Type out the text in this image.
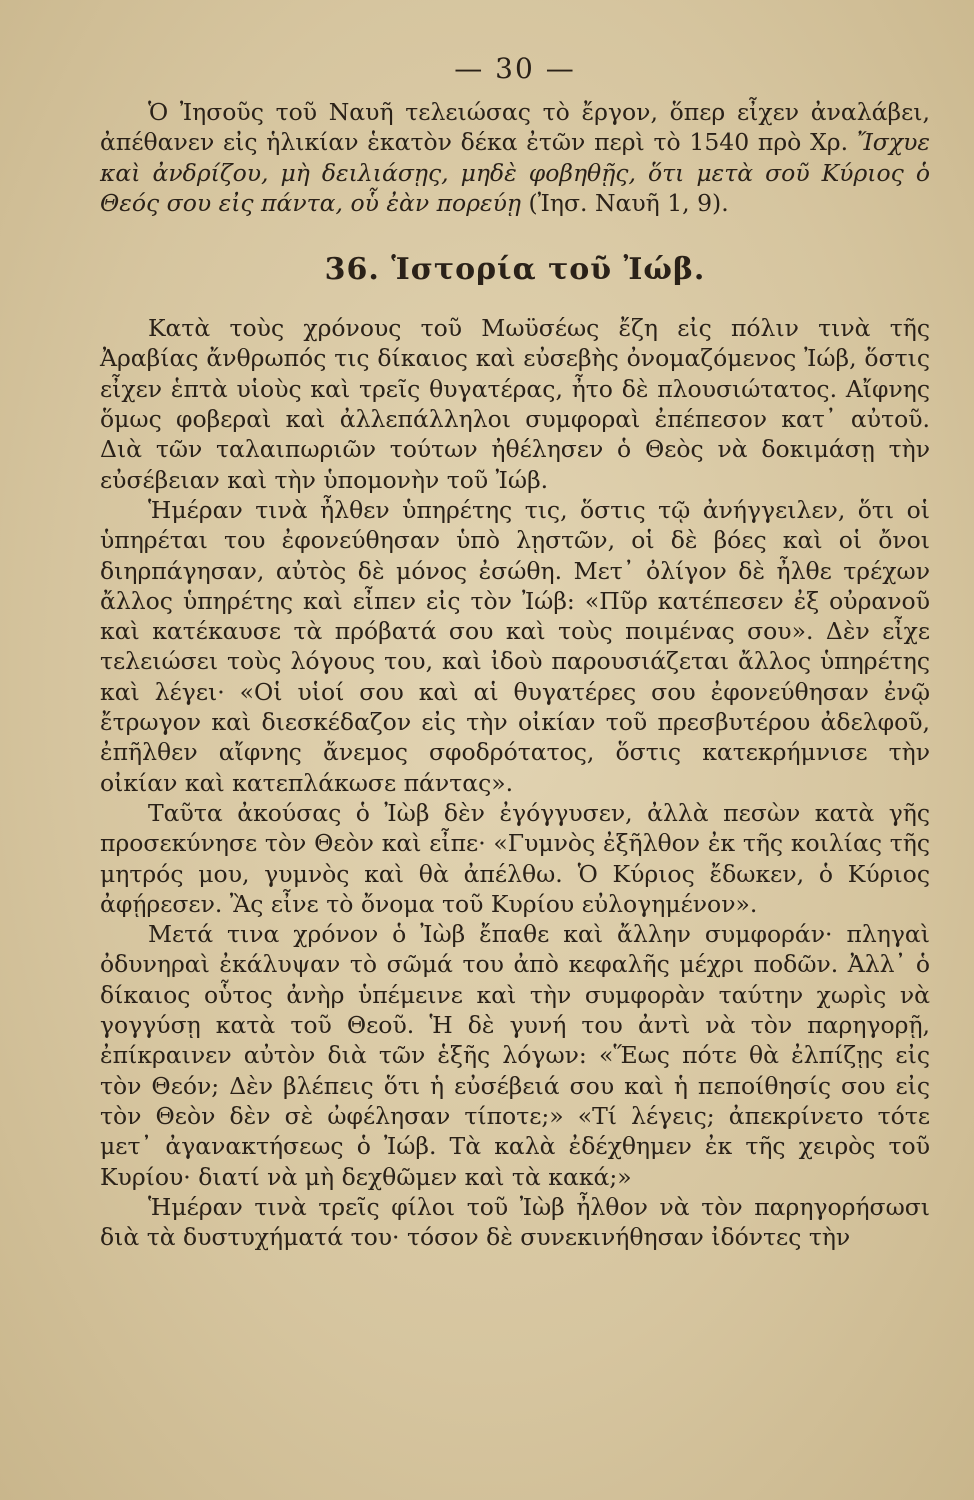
— 30 —

Ὁ Ἰησοῦς τοῦ Ναυῆ τελειώσας τὸ ἔργον, ὅπερ εἶχεν ἀναλάβει, ἀπέθανεν εἰς ἡλικίαν ἑκατὸν δέκα ἐτῶν περὶ τὸ 1540 πρὸ Χρ. Ἴσχυε καὶ ἀνδρίζου, μὴ δειλιάσῃς, μηδὲ φοβηθῇς, ὅτι μετὰ σοῦ Κύριος ὁ Θεός σου εἰς πάντα, οὗ ἐὰν πορεύῃ (Ἰησ. Ναυῆ 1, 9).

36. Ἱστορία τοῦ Ἰώβ.

Κατὰ τοὺς χρόνους τοῦ Μωϋσέως ἔζη εἰς πόλιν τινὰ τῆς Ἀραβίας ἄνθρωπός τις δίκαιος καὶ εὐσεβὴς ὀνομαζόμενος Ἰώβ, ὅστις εἶχεν ἑπτὰ υἱοὺς καὶ τρεῖς θυγατέρας, ἦτο δὲ πλουσιώτατος. Αἴφνης ὅμως φοβεραὶ καὶ ἀλλεπάλληλοι συμφοραὶ ἐπέπεσον κατ᾽ αὐτοῦ. Διὰ τῶν ταλαιπωριῶν τούτων ἠθέλησεν ὁ Θεὸς νὰ δοκιμάσῃ τὴν εὐσέβειαν καὶ τὴν ὑπομονὴν τοῦ Ἰώβ.

Ἡμέραν τινὰ ἦλθεν ὑπηρέτης τις, ὅστις τῷ ἀνήγγειλεν, ὅτι οἱ ὑπηρέται του ἐφονεύθησαν ὑπὸ λῃστῶν, οἱ δὲ βόες καὶ οἱ ὄνοι διηρπάγησαν, αὐτὸς δὲ μόνος ἐσώθη. Μετ᾽ ὀλίγον δὲ ἦλθε τρέχων ἄλλος ὑπηρέτης καὶ εἶπεν εἰς τὸν Ἰώβ: «Πῦρ κατέπεσεν ἐξ οὐρανοῦ καὶ κατέκαυσε τὰ πρόβατά σου καὶ τοὺς ποιμένας σου». Δὲν εἶχε τελειώσει τοὺς λόγους του, καὶ ἰδοὺ παρουσιάζεται ἄλλος ὑπηρέτης καὶ λέγει· «Οἱ υἱοί σου καὶ αἱ θυγατέρες σου ἐφονεύθησαν ἐνῷ ἔτρωγον καὶ διεσκέδαζον εἰς τὴν οἰκίαν τοῦ πρεσβυτέρου ἀδελφοῦ, ἐπῆλθεν αἴφνης ἄνεμος σφοδρότατος, ὅστις κατεκρήμνισε τὴν οἰκίαν καὶ κατεπλάκωσε πάντας».

Ταῦτα ἀκούσας ὁ Ἰὼβ δὲν ἐγόγγυσεν, ἀλλὰ πεσὼν κατὰ γῆς προσεκύνησε τὸν Θεὸν καὶ εἶπε· «Γυμνὸς ἐξῆλθον ἐκ τῆς κοιλίας τῆς μητρός μου, γυμνὸς καὶ θὰ ἀπέλθω. Ὁ Κύριος ἔδωκεν, ὁ Κύριος ἀφῄρεσεν. Ἂς εἶνε τὸ ὄνομα τοῦ Κυρίου εὐλογημένον».

Μετά τινα χρόνον ὁ Ἰὼβ ἔπαθε καὶ ἄλλην συμφοράν· πληγαὶ ὀδυνηραὶ ἐκάλυψαν τὸ σῶμά του ἀπὸ κεφαλῆς μέχρι ποδῶν. Ἀλλ᾽ ὁ δίκαιος οὗτος ἀνὴρ ὑπέμεινε καὶ τὴν συμφορὰν ταύτην χωρὶς νὰ γογγύσῃ κατὰ τοῦ Θεοῦ. Ἡ δὲ γυνή του ἀντὶ νὰ τὸν παρηγορῇ, ἐπίκραινεν αὐτὸν διὰ τῶν ἑξῆς λόγων: «Ἕως πότε θὰ ἐλπίζῃς εἰς τὸν Θεόν; Δὲν βλέπεις ὅτι ἡ εὐσέβειά σου καὶ ἡ πεποίθησίς σου εἰς τὸν Θεὸν δὲν σὲ ὠφέλησαν τίποτε;» «Τί λέγεις; ἀπεκρίνετο τότε μετ᾽ ἀγανακτήσεως ὁ Ἰώβ. Τὰ καλὰ ἐδέχθημεν ἐκ τῆς χειρὸς τοῦ Κυρίου· διατί νὰ μὴ δεχθῶμεν καὶ τὰ κακά;»

Ἡμέραν τινὰ τρεῖς φίλοι τοῦ Ἰὼβ ἦλθον νὰ τὸν παρηγορήσωσι διὰ τὰ δυστυχήματά του· τόσον δὲ συνεκινήθησαν ἰδόντες τὴν
